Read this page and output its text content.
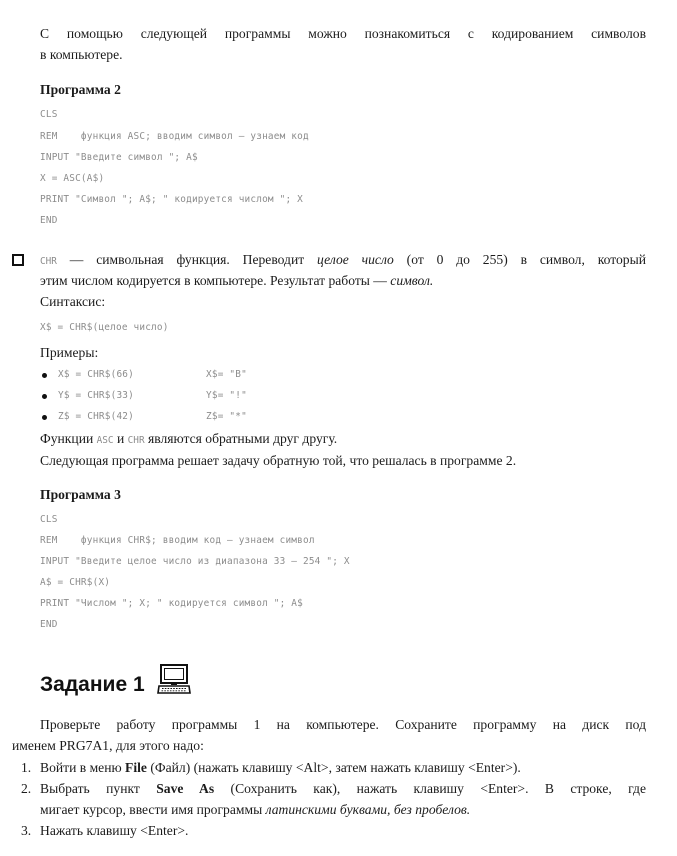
С помощью следующей программы можно познакомиться с кодированием символов
в компьютере.
Программа 2
CLS
REM    функция ASC; вводим символ — узнаем код
INPUT "Введите символ "; A$
X = ASC(A$)
PRINT "Символ "; A$; " кодируется числом "; X
END
CHR — символьная функция. Переводит целое число (от 0 до 255) в символ, который
этим числом кодируется в компьютере. Результат работы — символ.
Синтаксис:
X$ = CHR$(целое число)
Примеры:
X$ = CHR$(66)	X$= "B"
Y$ = CHR$(33)	Y$= "!"
Z$ = CHR$(42)	Z$= "*"
Функции ASC и CHR являются обратными друг другу.
Следующая программа решает задачу обратную той, что решалась в программе 2.
Программа 3
CLS
REM    функция CHR$; вводим код — узнаем символ
INPUT "Введите целое число из диапазона 33 — 254 "; X
A$ = CHR$(X)
PRINT "Числом "; X; " кодируется символ "; A$
END
Задание 1
Проверьте работу программы 1 на компьютере. Сохраните программу на диск под
именем PRG7A1, для этого надо:
1. Войти в меню File (Файл) (нажать клавишу <Alt>, затем нажать клавишу <Enter>).
2. Выбрать пункт Save As (Сохранить как), нажать клавишу <Enter>. В строке, где
мигает курсор, ввести имя программы латинскими буквами, без пробелов.
3. Нажать клавишу <Enter>.
